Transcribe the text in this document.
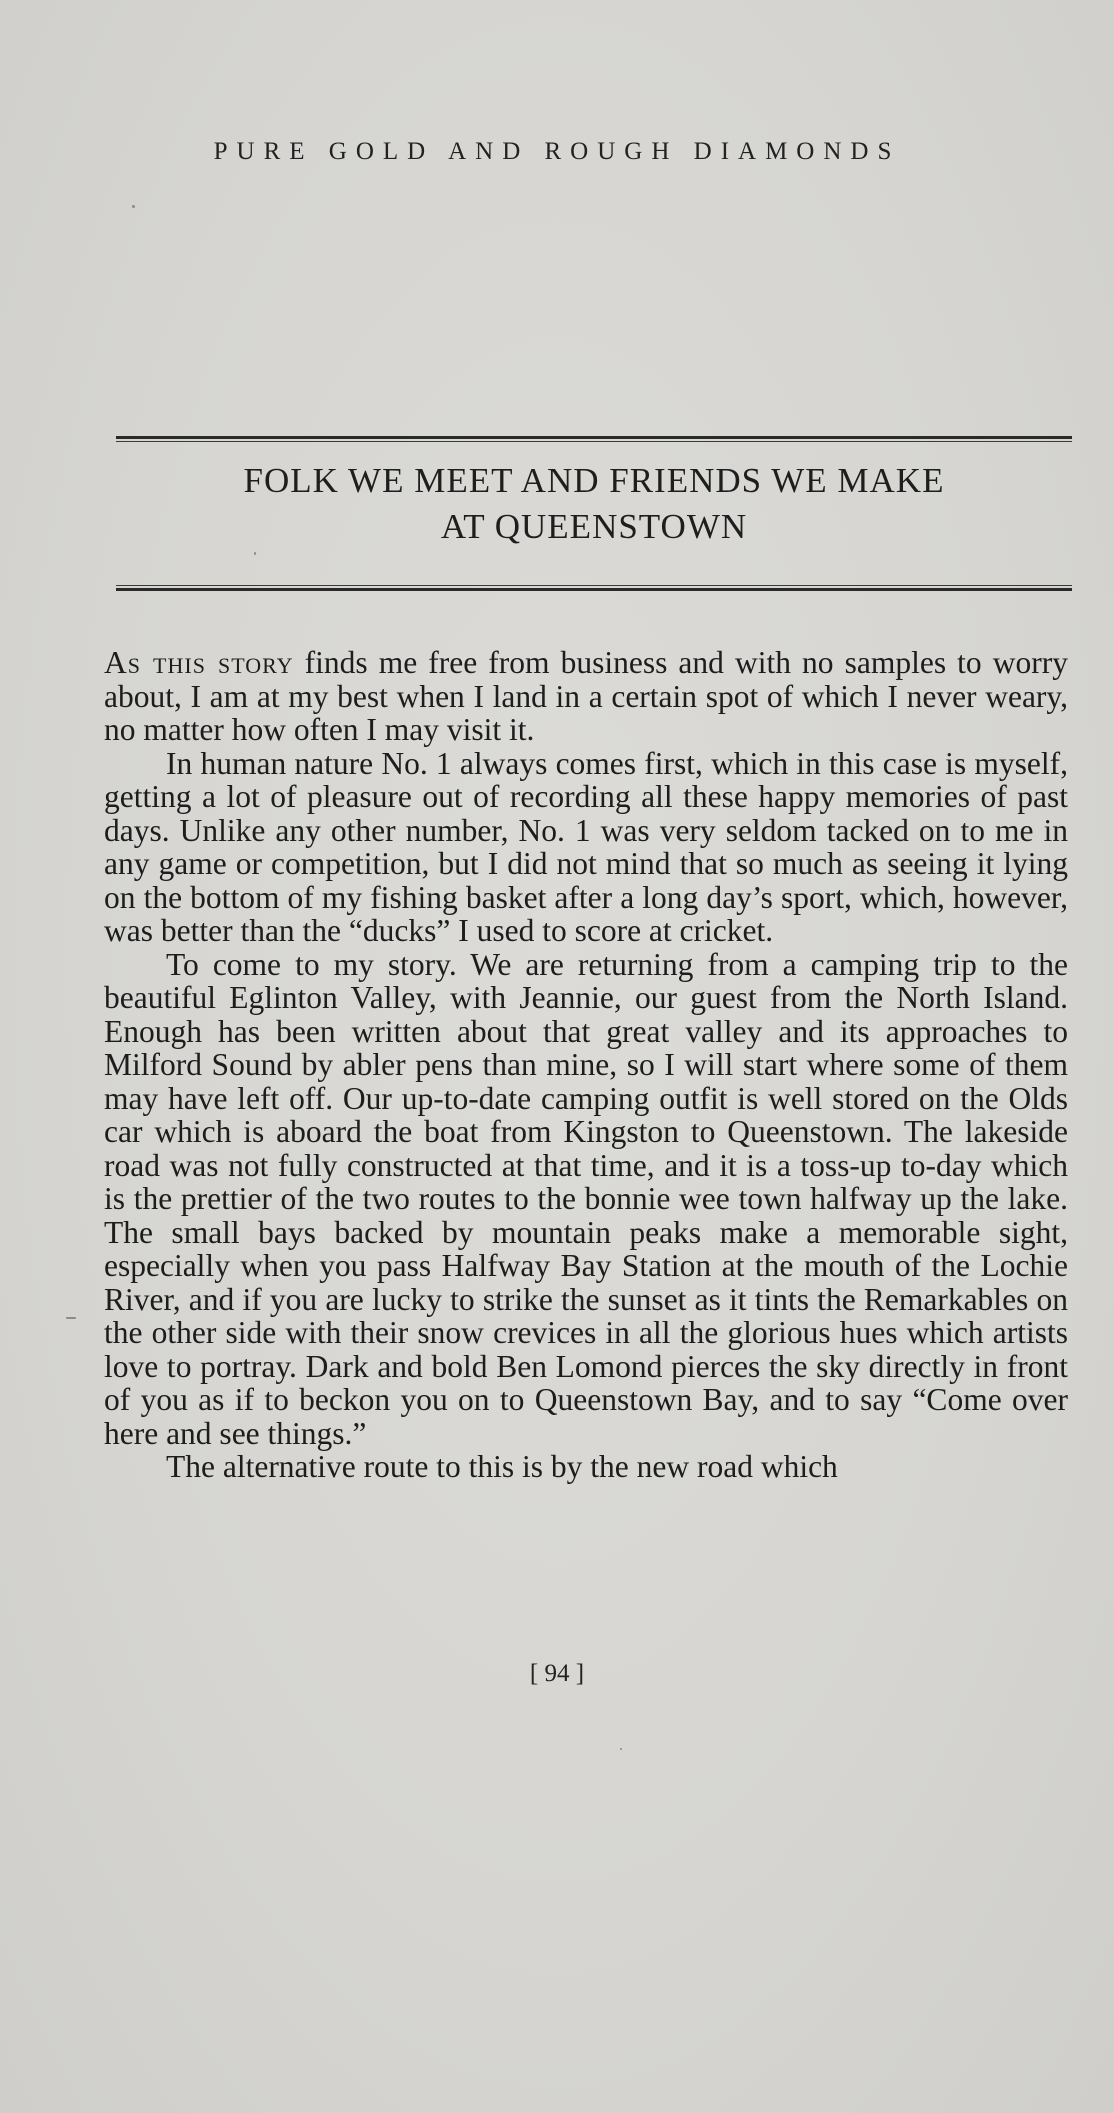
PURE GOLD AND ROUGH DIAMONDS
FOLK WE MEET AND FRIENDS WE MAKE
AT QUEENSTOWN

As this story finds me free from business and with no samples to worry about, I am at my best when I land in a certain spot of which I never weary, no matter how often I may visit it.

In human nature No. 1 always comes first, which in this case is myself, getting a lot of pleasure out of recording all these happy memories of past days. Unlike any other number, No. 1 was very seldom tacked on to me in any game or competition, but I did not mind that so much as seeing it lying on the bottom of my fishing basket after a long day’s sport, which, however, was better than the “ducks” I used to score at cricket.

To come to my story. We are returning from a camping trip to the beautiful Eglinton Valley, with Jeannie, our guest from the North Island. Enough has been written about that great valley and its approaches to Milford Sound by abler pens than mine, so I will start where some of them may have left off. Our up-to-date camping outfit is well stored on the Olds car which is aboard the boat from Kingston to Queenstown. The lakeside road was not fully constructed at that time, and it is a toss-up to-day which is the prettier of the two routes to the bonnie wee town halfway up the lake. The small bays backed by mountain peaks make a memorable sight, especially when you pass Halfway Bay Station at the mouth of the Lochie River, and if you are lucky to strike the sunset as it tints the Remarkables on the other side with their snow crevices in all the glorious hues which artists love to portray. Dark and bold Ben Lomond pierces the sky directly in front of you as if to beckon you on to Queenstown Bay, and to say “Come over here and see things.”

The alternative route to this is by the new road which

[ 94 ]
